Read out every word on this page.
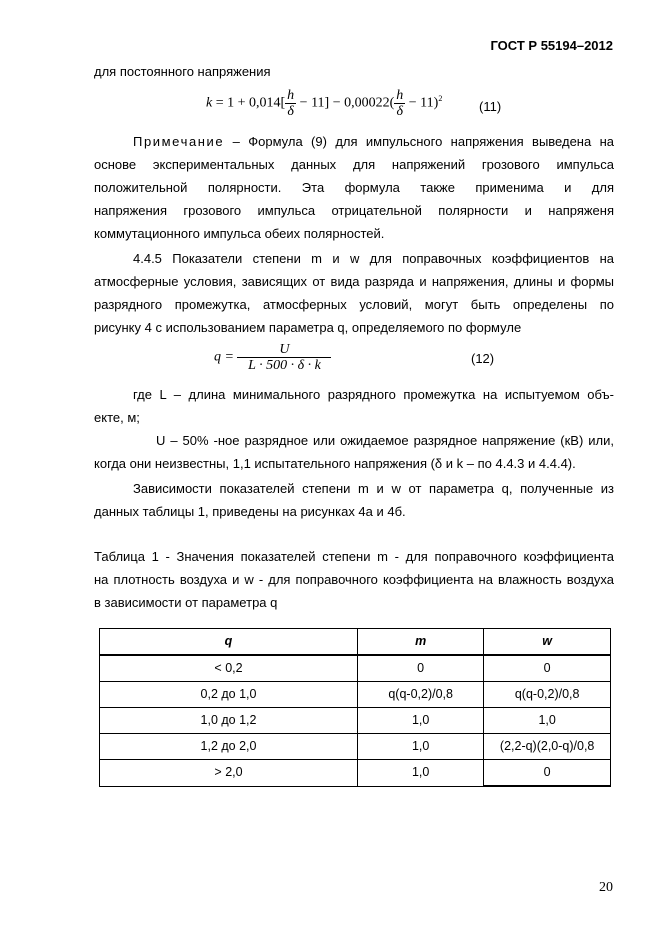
ГОСТ Р 55194–2012
для постоянного напряжения
$k = 1 + 0,014[ \frac{h}{\delta} - 11] - 0,00022( \frac{h}{\delta} - 11)^2$
(11)
Примечание – Формула (9) для импульсного напряжения выведена на
основе экспериментальных данных для напряжений грозового импульса
положительной полярности. Эта формула также применима и для
напряжения грозового импульса отрицательной полярности и напряженя
коммутационного импульса обеих полярностей.
4.4.5 Показатели степени m и w для поправочных коэффициентов на
атмосферные условия, зависящих от вида разряда и напряжения, длины и формы
разрядного промежутка, атмосферных условий, могут быть определены по
рисунку 4 с использованием параметра q, определяемого по формуле
$q = \frac{U}{L \cdot 500 \cdot \delta \cdot k}$	(12)
где L – длина минимального разрядного промежутка на испытуемом объ-
екте, м;
U – 50% -ное разрядное или ожидаемое разрядное напряжение (кВ) или,
когда они неизвестны, 1,1 испытательного напряжения (δ и k – по 4.4.3 и 4.4.4).
Зависимости показателей степени m и w от параметра q, полученные из
данных таблицы 1, приведены на рисунках 4а и 4б.
Таблица 1 - Значения показателей степени m - для поправочного коэффициента
на плотность воздуха и w - для поправочного коэффициента на влажность воздуха
в зависимости от параметра q
q	m	w
< 0,2	0	0
0,2 до 1,0	q(q-0,2)/0,8	q(q-0,2)/0,8
1,0 до 1,2	1,0	1,0
1,2 до 2,0	1,0	(2,2-q)(2,0-q)/0,8
> 2,0	1,0	0
20
